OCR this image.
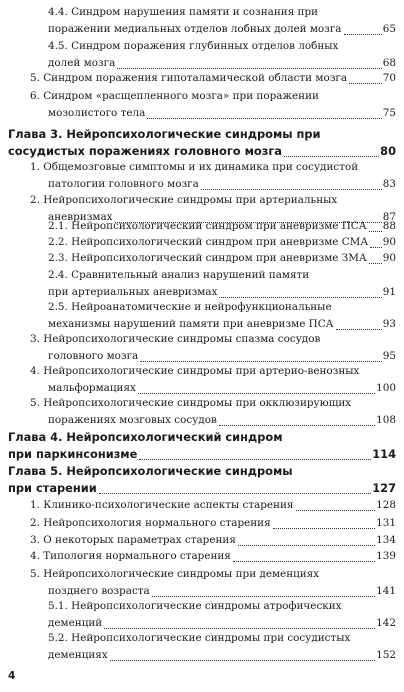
4.4. Синдром нарушения памяти и сознания при
поражении медиальных отделов лобных долей мозга	65
4.5. Синдром поражения глубинных отделов лобных
долей мозга	68
5. Синдром поражения гипоталамической области мозга	70
6. Синдром «расщепленного мозга» при поражении
мозолистого тела	75
Глава 3. Нейропсихологические синдромы при
сосудистых поражениях головного мозга	80
1. Общемозговые симптомы и их динамика при сосудистой
патологии головного мозга	83
2. Нейропсихологические синдромы при артериальных
аневризмах	87
2.1. Нейропсихологический синдром при аневризме ПСА 88
2.2. Нейропсихологический синдром при аневризме СМА 90
2.3. Нейропсихологический синдром при аневризме ЗМА 90
2.4. Сравнительный анализ нарушений памяти
при артериальных аневризмах	91
2.5. Нейроанатомические и нейрофункциональные
механизмы нарушений памяти при аневризме ПСА	93
3. Нейропсихологические синдромы спазма сосудов
головного мозга	95
4. Нейропсихологические синдромы при артерио-венозных
мальформациях	100
5. Нейропсихологические синдромы при окклюзирующих
поражениях мозговых сосудов	108
Глава 4. Нейропсихологический синдром
при паркинсонизме	114
Глава 5. Нейропсихологические синдромы
при старении	127
1. Клинико-психологические аспекты старения	128
2. Нейропсихология нормального старения	131
3. О некоторых параметрах старения	134
4. Типология нормального старения	139
5. Нейропсихологические синдромы при деменциях
позднего возраста	141
5.1. Нейропсихологические синдромы атрофических
деменций	142
5.2. Нейропсихологические синдромы при сосудистых
деменциях	152
4
